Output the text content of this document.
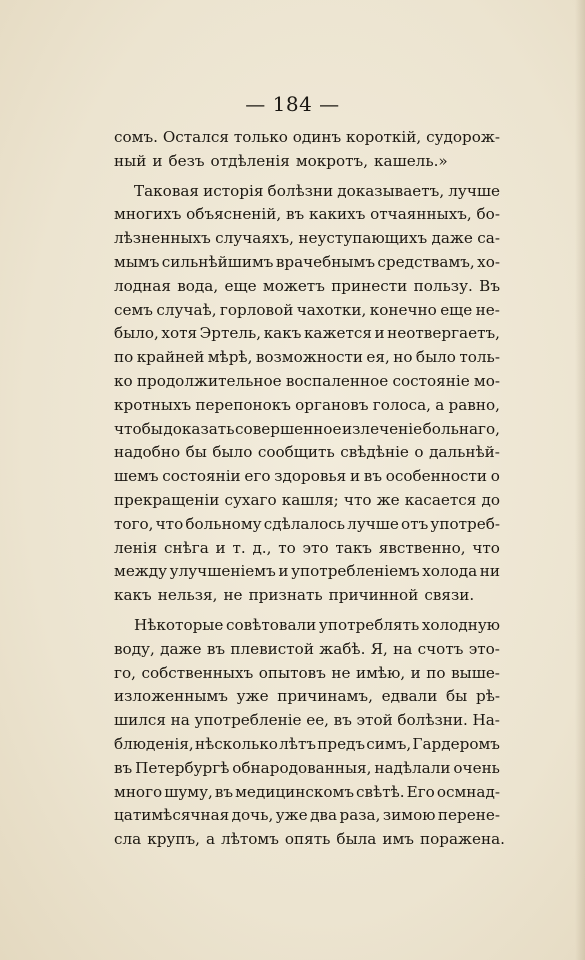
— 184 —
сомъ. Остался только одинъ короткій, судорож-
ный и безъ отдѣленія мокротъ, кашель.»
Таковая исторія болѣзни доказываетъ, лучше
многихъ объясненій, въ какихъ отчаянныхъ, бо-
лѣзненныхъ случаяхъ, неуступающихъ даже са-
мымъ сильнѣйшимъ врачебнымъ средствамъ, хо-
лодная вода, еще можетъ принести пользу. Въ
семъ случаѣ, горловой чахотки, конечно еще не-
было, хотя Эртель, какъ кажется и неотвергаетъ,
по крайней мѣрѣ, возможности ея, но было толь-
ко продолжительное воспаленное состояніе мо-
кротныхъ перепонокъ органовъ голоса, а равно,
чтобы доказать совершенное излеченіе больнаго,
надобно бы было сообщить свѣдѣніе о дальнѣй-
шемъ состояніи его здоровья и въ особенности о
прекращеніи сухаго кашля; что же касается до
того, что больному сдѣлалось лучше отъ употреб-
ленія снѣга и т. д., то это такъ явственно, что
между улучшеніемъ и употребленіемъ холода ни
какъ нельзя, не признать причинной связи.
Нѣкоторые совѣтовали употреблять холодную
воду, даже въ плевистой жабѣ. Я, на счотъ это-
го, собственныхъ опытовъ не имѣю, и по выше-
изложеннымъ уже причинамъ, едвали бы рѣ-
шился на употребленіе ее, въ этой болѣзни. На-
блюденія, нѣсколько лѣтъ предъ симъ, Гардеромъ
въ Петербургѣ обнародованныя, надѣлали очень
много шуму, въ медицинскомъ свѣтѣ. Его осмнад-
цатимѣсячная дочь, уже два раза, зимою перене-
сла крупъ, а лѣтомъ опять была имъ поражена.
